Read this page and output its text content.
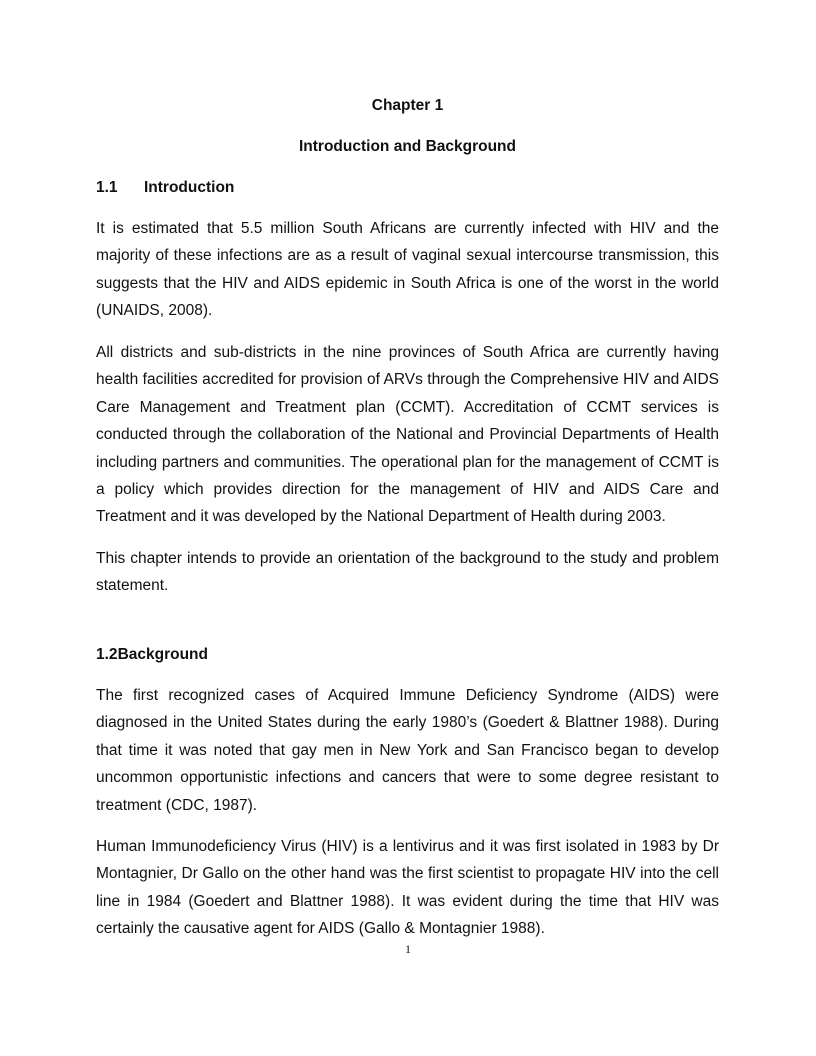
Chapter 1
Introduction and Background
1.1 Introduction

It is estimated that 5.5 million South Africans are currently infected with HIV and the majority of these infections are as a result of vaginal sexual intercourse transmission, this suggests that the HIV and AIDS epidemic in South Africa is one of the worst in the world (UNAIDS, 2008).

All districts and sub-districts in the nine provinces of South Africa are currently having health facilities accredited for provision of ARVs through the Comprehensive HIV and AIDS Care Management and Treatment plan (CCMT). Accreditation of CCMT services is conducted through the collaboration of the National and Provincial Departments of Health including partners and communities. The operational plan for the management of CCMT is a policy which provides direction for the management of HIV and AIDS Care and Treatment and it was developed by the National Department of Health during 2003.

This chapter intends to provide an orientation of the background to the study and problem statement.

1.2Background

The first recognized cases of Acquired Immune Deficiency Syndrome (AIDS) were diagnosed in the United States during the early 1980’s (Goedert & Blattner 1988). During that time it was noted that gay men in New York and San Francisco began to develop uncommon opportunistic infections and cancers that were to some degree resistant to treatment (CDC, 1987).

Human Immunodeficiency Virus (HIV) is a lentivirus and it was first isolated in 1983 by Dr Montagnier, Dr Gallo on the other hand was the first scientist to propagate HIV into the cell line in 1984 (Goedert and Blattner 1988). It was evident during the time that HIV was certainly the causative agent for AIDS (Gallo & Montagnier 1988).

1
